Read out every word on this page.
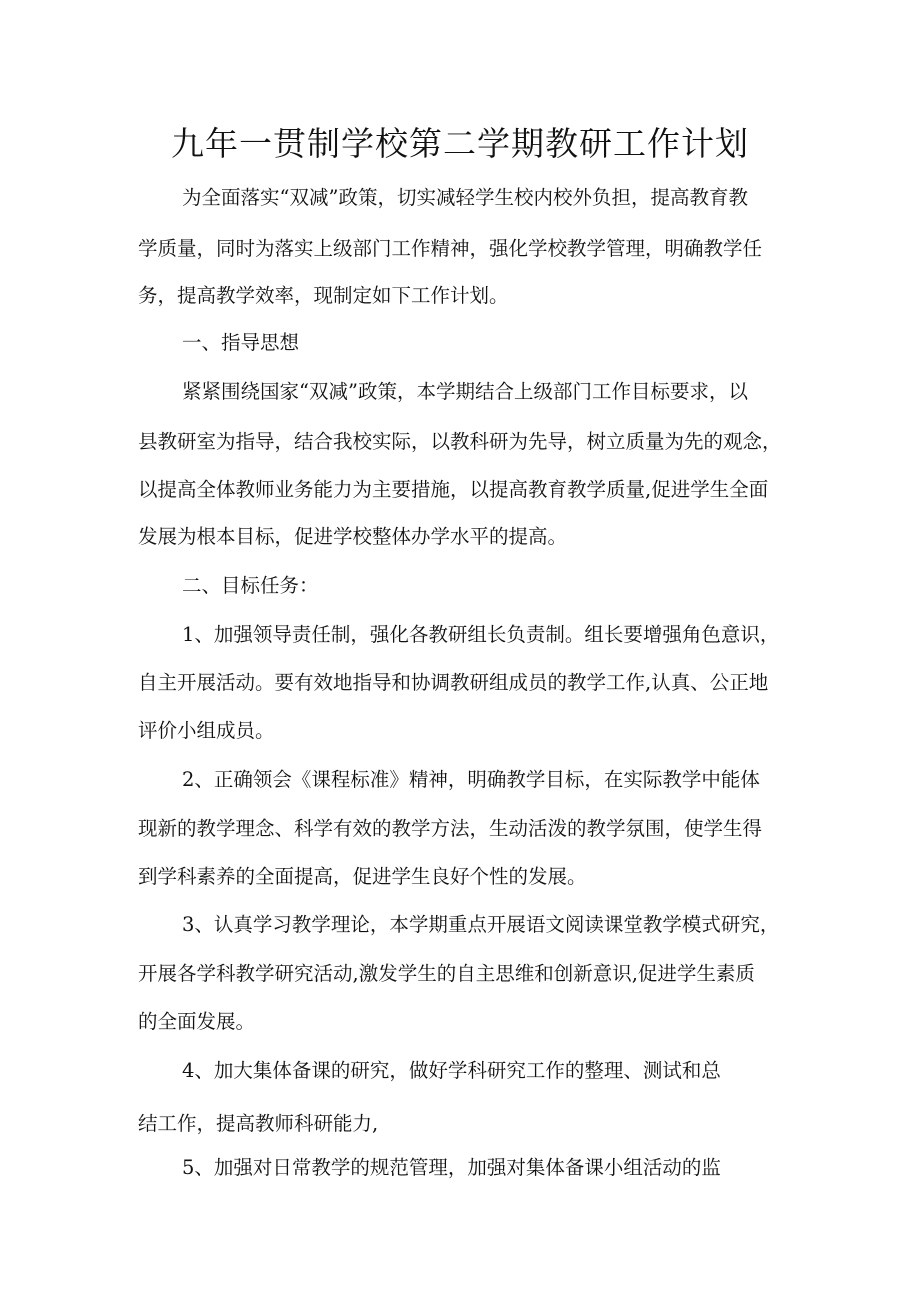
九年一贯制学校第二学期教研工作计划

为全面落实“双减”政策，切实减轻学生校内校外负担，提高教育教

学质量，同时为落实上级部门工作精神，强化学校教学管理，明确教学任

务，提高教学效率，现制定如下工作计划。

一、指导思想

紧紧围绕国家“双减”政策，本学期结合上级部门工作目标要求，以

县教研室为指导，结合我校实际，以教科研为先导，树立质量为先的观念，

以提高全体教师业务能力为主要措施，以提高教育教学质量,促进学生全面

发展为根本目标，促进学校整体办学水平的提高。

二、目标任务：

1、加强领导责任制，强化各教研组长负责制。组长要增强角色意识，

自主开展活动。要有效地指导和协调教研组成员的教学工作,认真、公正地

评价小组成员。

2、正确领会《课程标准》精神，明确教学目标，在实际教学中能体

现新的教学理念、科学有效的教学方法，生动活泼的教学氛围，使学生得

到学科素养的全面提高，促进学生良好个性的发展。

3、认真学习教学理论，本学期重点开展语文阅读课堂教学模式研究，

开展各学科教学研究活动,激发学生的自主思维和创新意识,促进学生素质

的全面发展。

4、加大集体备课的研究，做好学科研究工作的整理、测试和总

结工作，提高教师科研能力,

5、加强对日常教学的规范管理，加强对集体备课小组活动的监
